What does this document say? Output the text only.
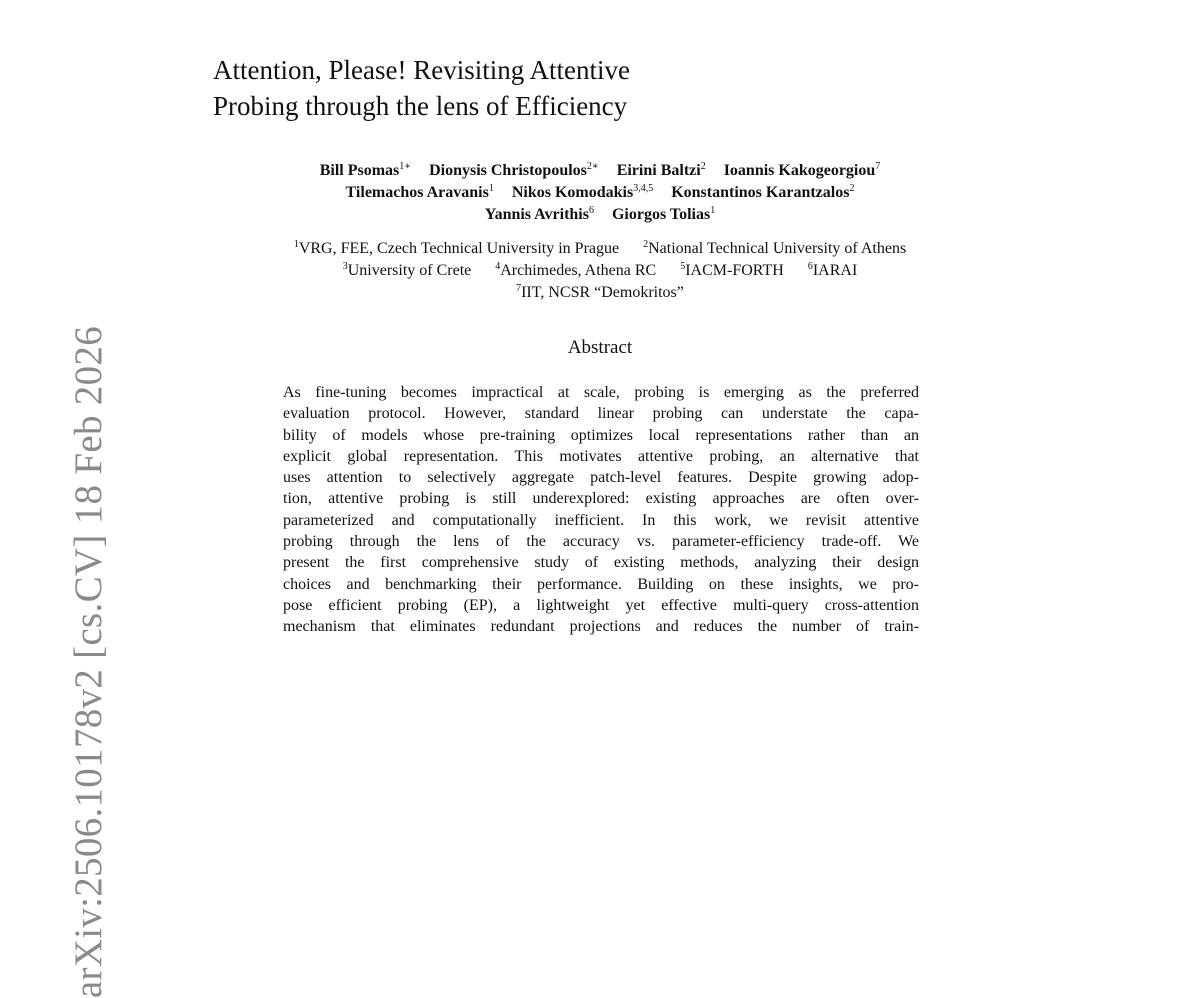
arXiv:2506.10178v2 [cs.CV] 18 Feb 2026
Attention, Please! Revisiting Attentive
Probing through the lens of Efficiency
Bill Psomas$^{1∗}$ Dionysis Christopoulos$^{2∗}$ Eirini Baltzi$^2$ Ioannis Kakogeorgiou$^7$
Tilemachos Aravanis$^1$ Nikos Komodakis$^{3,4,5}$ Konstantinos Karantzalos$^2$
Yannis Avrithis$^6$ Giorgos Tolias$^1$
$^1$VRG, FEE, Czech Technical University in Prague $^2$National Technical University of Athens
$^3$University of Crete $^4$Archimedes, Athena RC $^5$IACM-FORTH $^6$IARAI
$^7$IIT, NCSR “Demokritos”
Abstract
As fine-tuning becomes impractical at scale, probing is emerging as the preferred
evaluation protocol. However, standard linear probing can understate the capa-
bility of models whose pre-training optimizes local representations rather than an
explicit global representation. This motivates attentive probing, an alternative that
uses attention to selectively aggregate patch-level features. Despite growing adop-
tion, attentive probing is still underexplored: existing approaches are often over-
parameterized and computationally inefficient. In this work, we revisit attentive
probing through the lens of the accuracy vs. parameter-efficiency trade-off. We
present the first comprehensive study of existing methods, analyzing their design
choices and benchmarking their performance. Building on these insights, we pro-
pose efficient probing (EP), a lightweight yet effective multi-query cross-attention
mechanism that eliminates redundant projections and reduces the number of train-
